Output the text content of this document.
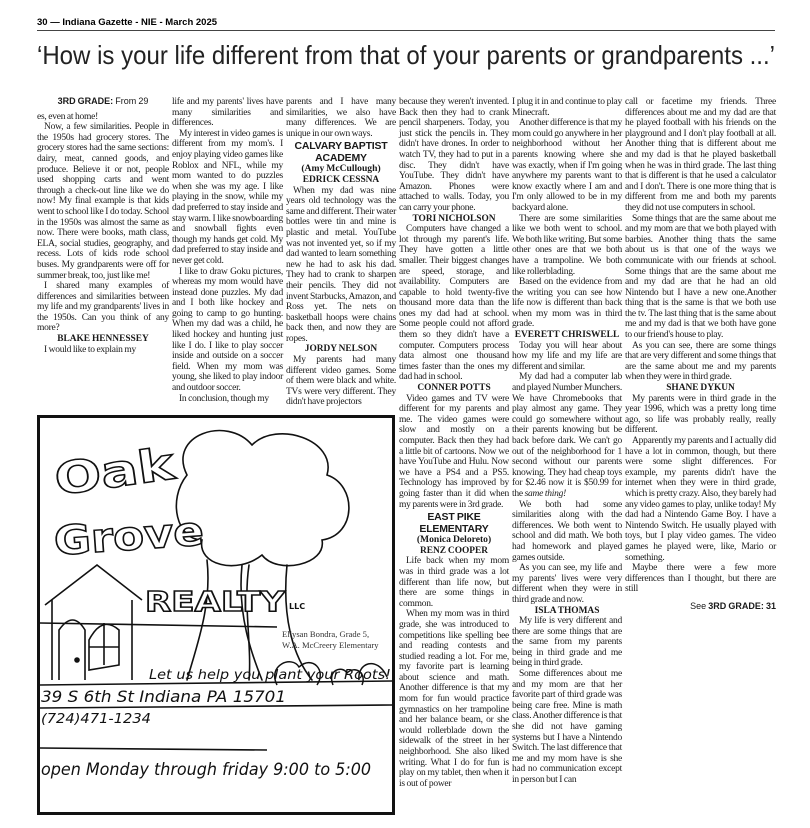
30 — Indiana Gazette - NIE - March 2025
‘How is your life different from that of your parents or grandparents ...’
3RD GRADE: From 29

es, even at home!

Now, a few similarities. People in the 1950s had grocery stores. The grocery stores had the same sections: dairy, meat, canned goods, and produce. Believe it or not, people used shopping carts and went through a check-out line like we do now! My final example is that kids went to school like I do today. School in the 1950s was almost the same as now. There were books, math class, ELA, social studies, geography, and recess. Lots of kids rode school buses. My grandparents were off for summer break, too, just like me!

I shared many examples of differences and similarities between my life and my grandparents' lives in the 1950s. Can you think of any more?

BLAKE HENNESSEY

I would like to explain my

life and my parents' lives have many similarities and differences.

My interest in video games is different from my mom's. I enjoy playing video games like Roblox and NFL, while my mom wanted to do puzzles when she was my age. I like playing in the snow, while my dad preferred to stay inside and stay warm. I like snowboarding and snowball fights even though my hands get cold. My dad preferred to stay inside and never get cold.

I like to draw Goku pictures, whereas my mom would have instead done puzzles. My dad and I both like hockey and going to camp to go hunting. When my dad was a child, he liked hockey and hunting just like I do. I like to play soccer inside and outside on a soccer field. When my mom was young, she liked to play indoor and outdoor soccer.

In conclusion, though my

parents and I have many similarities, we also have many differences. We are unique in our own ways.

CALVARY BAPTIST ACADEMY
(Amy McCullough)
EDRICK CESSNA

When my dad was nine years old technology was the same and different. Their water bottles were tin and mine is plastic and metal. YouTube was not invented yet, so if my dad wanted to learn something new he had to ask his dad. They had to crank to sharpen their pencils. They did not invent Starbucks, Amazon, and Ross yet. The nets on basketball hoops were chains back then, and now they are ropes.

JORDY NELSON

My parents had many different video games. Some of them were black and white. TVs were very different. They didn't have projectors

because they weren't invented. Back then they had to crank pencil sharpeners. Today, you just stick the pencils in. They didn't have drones. In order to watch TV, they had to put in a disc. They didn't have YouTube. They didn't have Amazon. Phones were attached to walls. Today, you can carry your phone.

TORI NICHOLSON

Computers have changed a lot through my parent's life. They have gotten a little smaller. Their biggest changes are speed, storage, and availability. Computers are capable to hold twenty-five thousand more data than the ones my dad had at school. Some people could not afford them so they didn't have a computer. Computers process data almost one thousand times faster than the ones my dad had in school.

CONNER POTTS

Video games and TV were different for my parents and me. The video games were slow and mostly on a computer. Back then they had a little bit of cartoons. Now we have YouTube and Hulu. Now we have a PS4 and a PS5. Technology has improved by going faster than it did when my parents were in 3rd grade.

EAST PIKE ELEMENTARY
(Monica Deloreto)
RENZ COOPER

Life back when my mom was in third grade was a lot different than life now, but there are some things in common.

When my mom was in third grade, she was introduced to competitions like spelling bee and reading contests and studied reading a lot. For me, my favorite part is learning about science and math. Another difference is that my mom for fun would practice gymnastics on her trampoline and her balance beam, or she would rollerblade down the sidewalk of the street in her neighborhood. She also liked writing. What I do for fun is play on my tablet, then when it is out of power

I plug it in and continue to play Minecraft.

Another difference is that my mom could go anywhere in her neighborhood without her parents knowing where she was exactly, when if I'm going anywhere my parents want to know exactly where I am and I'm only allowed to be in my backyard alone.

There are some similarities like we both went to school. We both like writing. But some other ones are that we both have a trampoline. We both like rollerblading.

Based on the evidence from the writing you can see how life now is different than back when my mom was in third grade.

EVERETT CHRISWELL

Today you will hear about how my life and my life are different and similar.

My dad had a computer lab and played Number Munchers. We have Chromebooks that play almost any game. They could go somewhere without their parents knowing but be back before dark. We can't go out of the neighborhood for 1 second without our parents knowing. They had cheap toys for $2.46 now it is $50.99 for the same thing!

We both had some similarities along with the differences. We both went to school and did math. We both had homework and played games outside.

As you can see, my life and my parents' lives were very different when they were in third grade and now.

ISLA THOMAS

My life is very different and there are some things that are the same from my parents being in third grade and me being in third grade.

Some differences about me and my mom are that her favorite part of third grade was being care free. Mine is math class. Another difference is that she did not have gaming systems but I have a Nintendo Switch. The last difference that me and my mom have is she had no communication except in person but I can

call or facetime my friends. Three differences about me and my dad are that he played football with his friends on the playground and I don't play football at all. Another thing that is different about me and my dad is that he played basketball when he was in third grade. The last thing that is different is that he used a calculator and I don't. There is one more thing that is different from me and both my parents they did not use computers in school.

Some things that are the same about me and my mom are that we both played with barbies. Another thing thats the same about us is that one of the ways we communicate with our friends at school. Some things that are the same about me and my dad are that he had an old Nintendo but I have a new one.Another thing that is the same is that we both use the tv. The last thing that is the same about me and my dad is that we both have gone to our friend's house to play.

As you can see, there are some things that are very different and some things that are the same about me and my parents when they were in third grade.

SHANE DYKUN

My parents were in third grade in the year 1996, which was a pretty long time ago, so life was probably really, really different.

Apparently my parents and I actually did have a lot in common, though, but there were some slight differences. For example, my parents didn't have the internet when they were in third grade, which is pretty crazy. Also, they barely had any video games to play, unlike today! My dad had a Nintendo Game Boy. I have a Nintendo Switch. He usually played with toys, but I play video games. The video games he played were, like, Mario or something.

Maybe there were a few more differences than I thought, but there are still

See 3RD GRADE: 31
Oak
Grove
REALTY LLC
Let us help you plant your Roots!
39 S 6th St Indiana PA 15701
(724)471-1234
open Monday through friday 9:00 to 5:00
Ellysan Bondra, Grade 5,
W.A. McCreery Elementary
